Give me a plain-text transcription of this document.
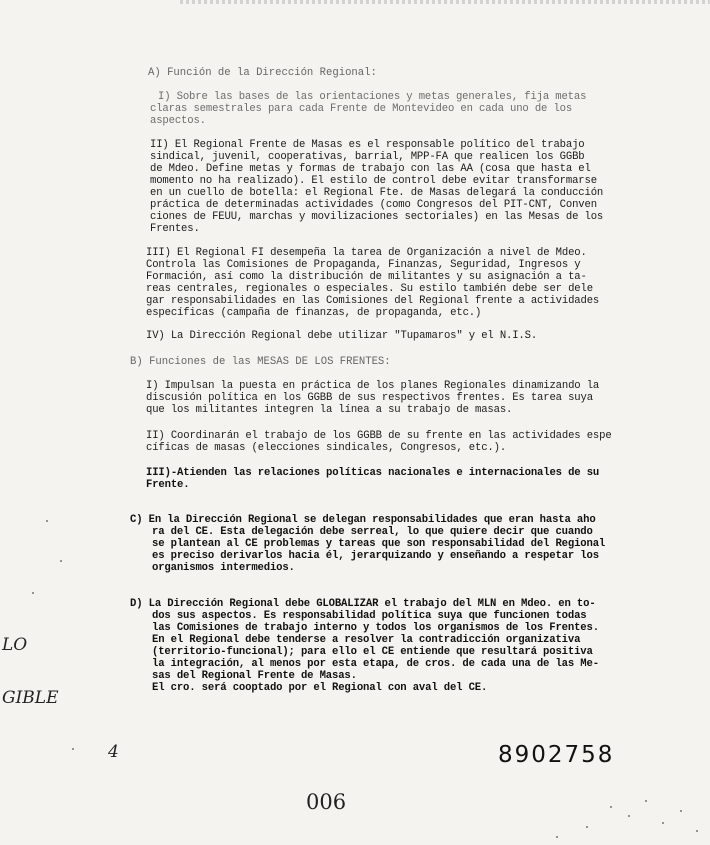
A) Función de la Dirección Regional:
I) Sobre las bases de las orientaciones y metas generales, fija metas
claras semestrales para cada Frente de Montevideo en cada uno de los
aspectos.
II) El Regional Frente de Masas es el responsable político del trabajo
sindical, juvenil, cooperativas, barrial, MPP-FA que realicen los GGBb
de Mdeo. Define metas y formas de trabajo con las AA (cosa que hasta el
momento no ha realizado). El estilo de control debe evitar transformarse
en un cuello de botella: el Regional Fte. de Masas delegará la conducción
práctica de determinadas actividades (como Congresos del PIT-CNT, Conven
ciones de FEUU, marchas y movilizaciones sectoriales) en las Mesas de los
Frentes.
III) El Regional FI desempeña la tarea de Organización a nivel de Mdeo.
Controla las Comisiones de Propaganda, Finanzas, Seguridad, Ingresos y
Formación, así como la distribución de militantes y su asignación a ta-
reas centrales, regionales o especiales. Su estilo también debe ser dele
gar responsabilidades en las Comisiones del Regional frente a actividades
específicas (campaña de finanzas, de propaganda, etc.)
IV) La Dirección Regional debe utilizar "Tupamaros" y el N.I.S.
B) Funciones de las MESAS DE LOS FRENTES:
I) Impulsan la puesta en práctica de los planes Regionales dinamizando la
discusión política en los GGBB de sus respectivos frentes. Es tarea suya
que los militantes integren la línea a su trabajo de masas.
II) Coordinarán el trabajo de los GGBB de su frente en las actividades espe
cíficas de masas (elecciones sindicales, Congresos, etc.).
III)-Atienden las relaciones políticas nacionales e internacionales de su
Frente.
C) En la Dirección Regional se delegan responsabilidades que eran hasta aho
ra del CE. Esta delegación debe serreal, lo que quiere decir que cuando
se plantean al CE problemas y tareas que son responsabilidad del Regional
es preciso derivarlos hacia él, jerarquizando y enseñando a respetar los
organismos intermedios.
D) La Dirección Regional debe GLOBALIZAR el trabajo del MLN en Mdeo. en to-
dos sus aspectos. Es responsabilidad política suya que funcionen todas
las Comisiones de trabajo interno y todos los organismos de los Frentes.
En el Regional debe tenderse a resolver la contradicción organizativa
(territorio-funcional); para ello el CE entiende que resultará positiva
la integración, al menos por esta etapa, de cros. de cada una de las Me-
sas del Regional Frente de Masas.
El cro. será cooptado por el Regional con aval del CE.
LO
GIBLE
4	8902758
006
